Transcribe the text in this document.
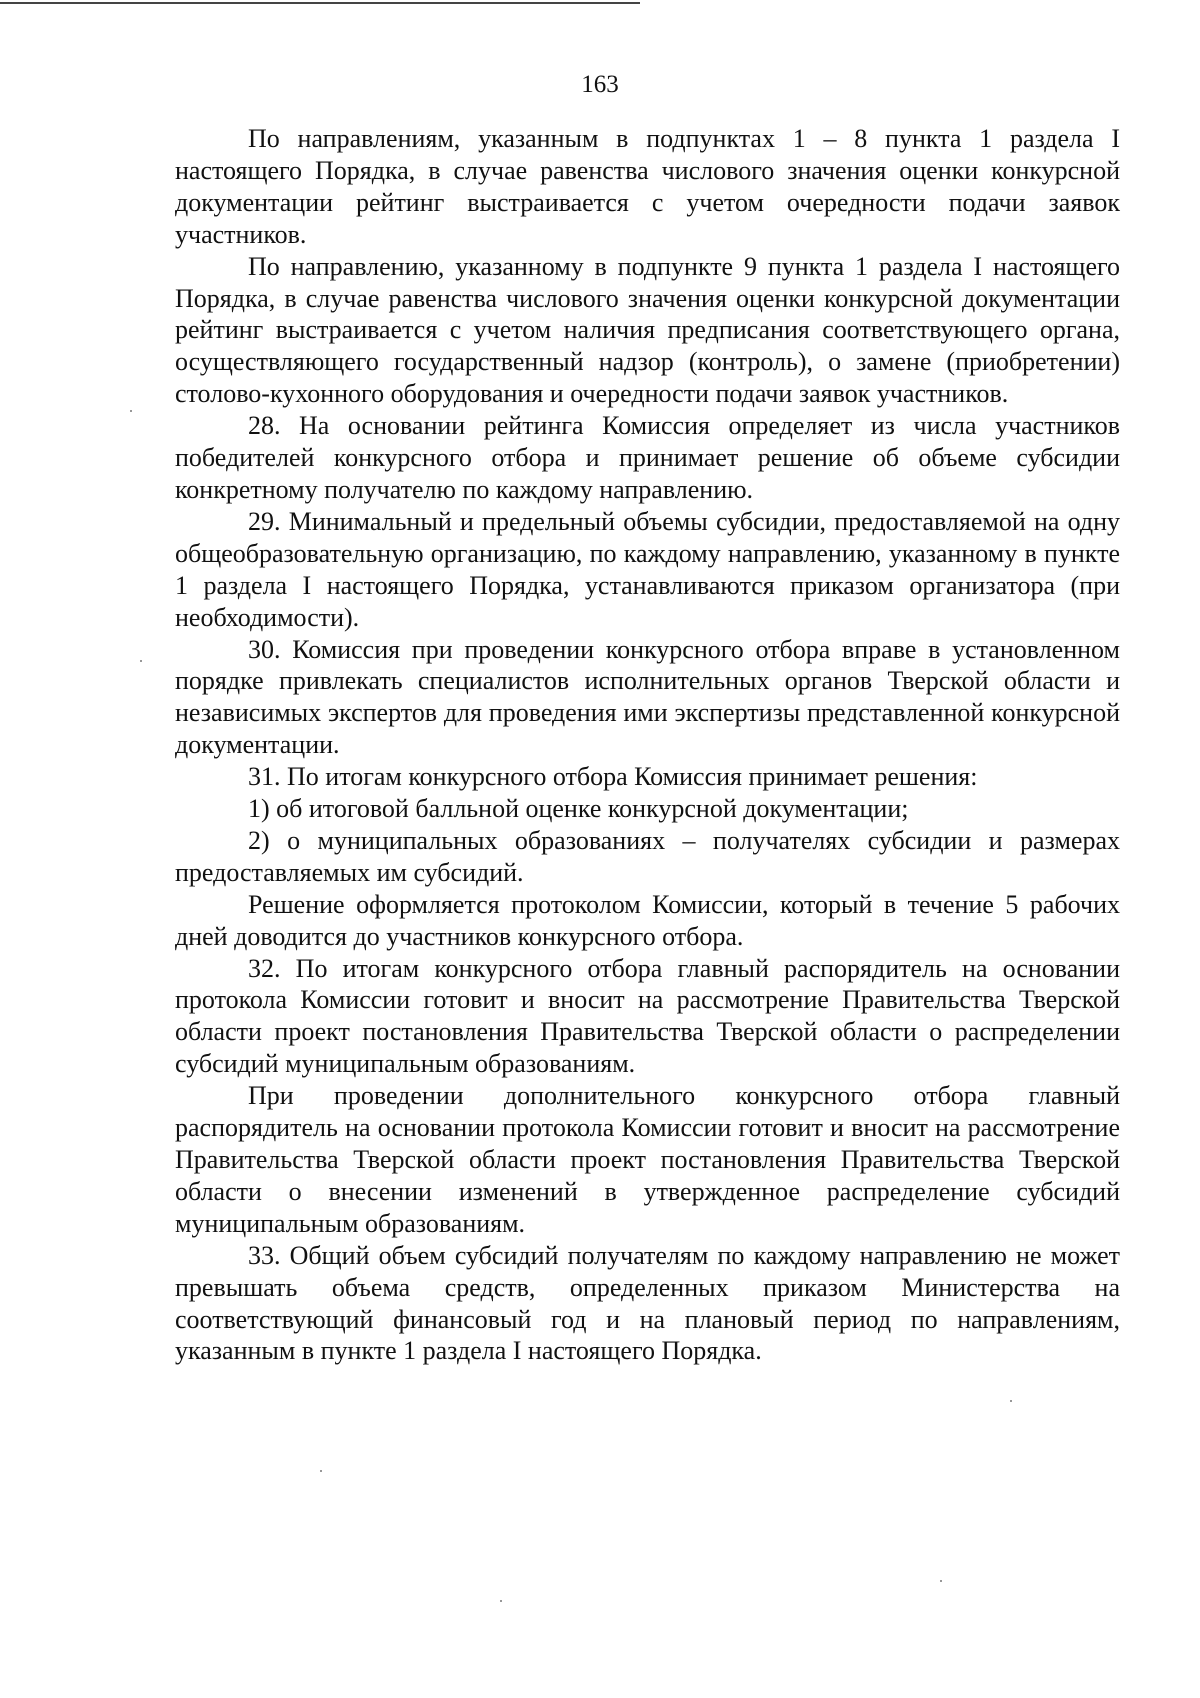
163

По направлениям, указанным в подпунктах 1 – 8 пункта 1 раздела I настоящего Порядка, в случае равенства числового значения оценки конкурсной документации рейтинг выстраивается с учетом очередности подачи заявок участников.

По направлению, указанному в подпункте 9 пункта 1 раздела I настоящего Порядка, в случае равенства числового значения оценки конкурсной документации рейтинг выстраивается с учетом наличия предписания соответствующего органа, осуществляющего государственный надзор (контроль), о замене (приобретении) столово-кухонного оборудования и очередности подачи заявок участников.

28. На основании рейтинга Комиссия определяет из числа участников победителей конкурсного отбора и принимает решение об объеме субсидии конкретному получателю по каждому направлению.

29. Минимальный и предельный объемы субсидии, предоставляемой на одну общеобразовательную организацию, по каждому направлению, указанному в пункте 1 раздела I настоящего Порядка, устанавливаются приказом организатора (при необходимости).

30. Комиссия при проведении конкурсного отбора вправе в установленном порядке привлекать специалистов исполнительных органов Тверской области и независимых экспертов для проведения ими экспертизы представленной конкурсной документации.

31. По итогам конкурсного отбора Комиссия принимает решения:

1) об итоговой балльной оценке конкурсной документации;

2) о муниципальных образованиях – получателях субсидии и размерах предоставляемых им субсидий.

Решение оформляется протоколом Комиссии, который в течение 5 рабочих дней доводится до участников конкурсного отбора.

32. По итогам конкурсного отбора главный распорядитель на основании протокола Комиссии готовит и вносит на рассмотрение Правительства Тверской области проект постановления Правительства Тверской области о распределении субсидий муниципальным образованиям.

При проведении дополнительного конкурсного отбора главный распорядитель на основании протокола Комиссии готовит и вносит на рассмотрение Правительства Тверской области проект постановления Правительства Тверской области о внесении изменений в утвержденное распределение субсидий муниципальным образованиям.

33. Общий объем субсидий получателям по каждому направлению не может превышать объема средств, определенных приказом Министерства на соответствующий финансовый год и на плановый период по направлениям, указанным в пункте 1 раздела I настоящего Порядка.
